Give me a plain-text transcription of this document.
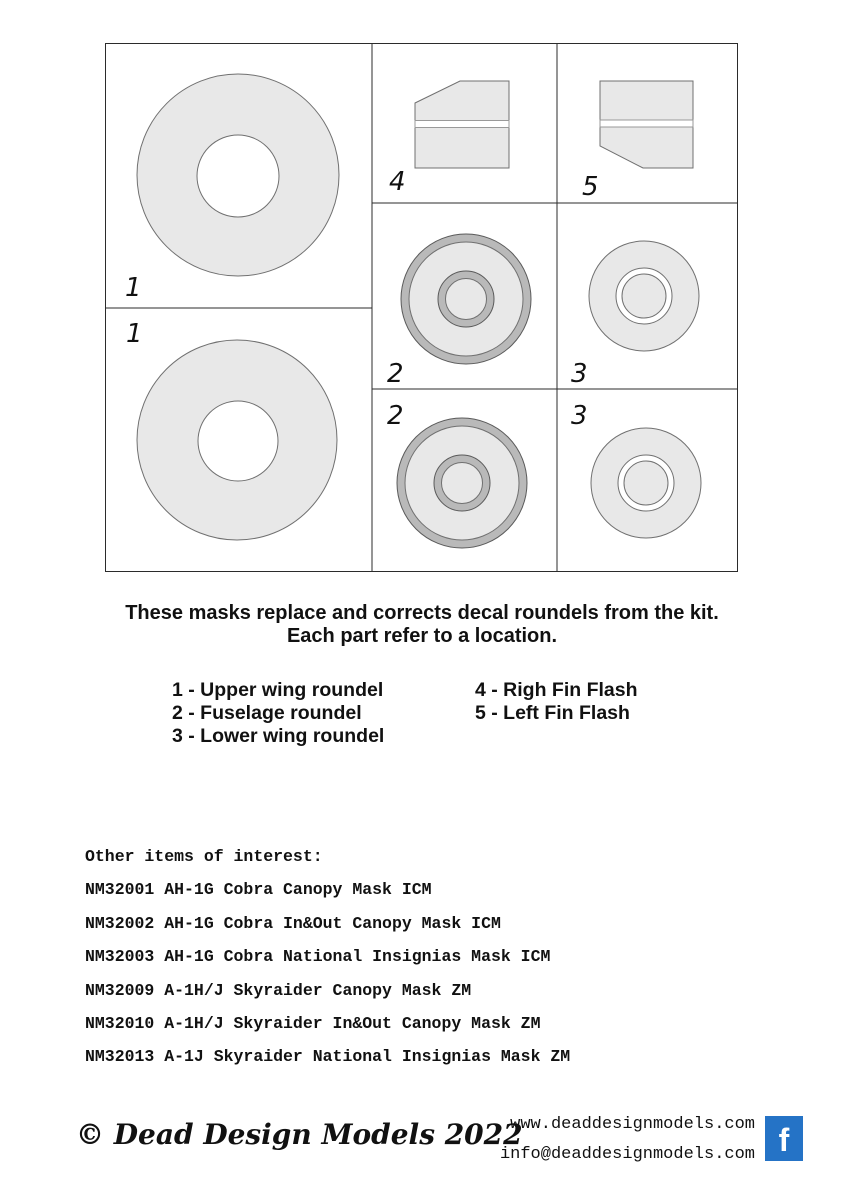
1
1
4	5
2	3
2	3
These masks replace and corrects decal roundels from the kit.
Each part refer to a location.
1 - Upper wing roundel
2 - Fuselage roundel
3 - Lower wing roundel
4 - Righ Fin Flash
5 - Left Fin Flash
Other items of interest:
NM32001 AH-1G Cobra Canopy Mask ICM
NM32002 AH-1G Cobra In&Out Canopy Mask ICM
NM32003 AH-1G Cobra National Insignias Mask ICM
NM32009 A-1H/J Skyraider Canopy Mask ZM
NM32010 A-1H/J Skyraider In&Out Canopy Mask ZM
NM32013 A-1J Skyraider National Insignias Mask ZM
© Dead Design Models 2022
www.deaddesignmodels.com
info@deaddesignmodels.com f
